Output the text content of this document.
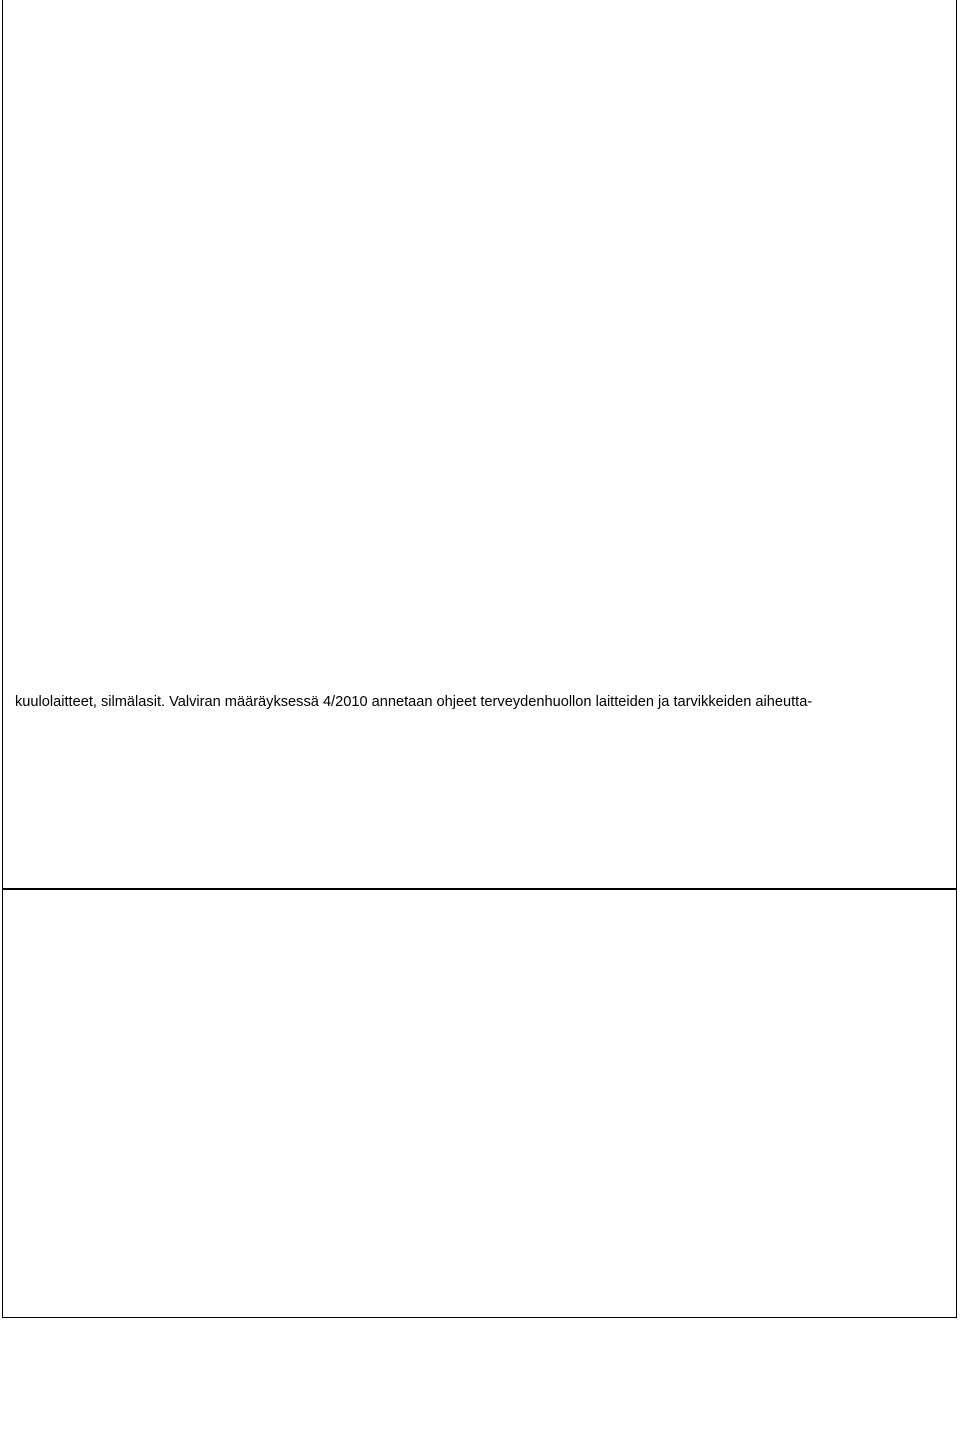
kuulolaitteet, silmälasit. Valviran määräyksessä 4/2010 annetaan ohjeet terveydenhuollon laitteiden ja tarvikkeiden aiheutta-
